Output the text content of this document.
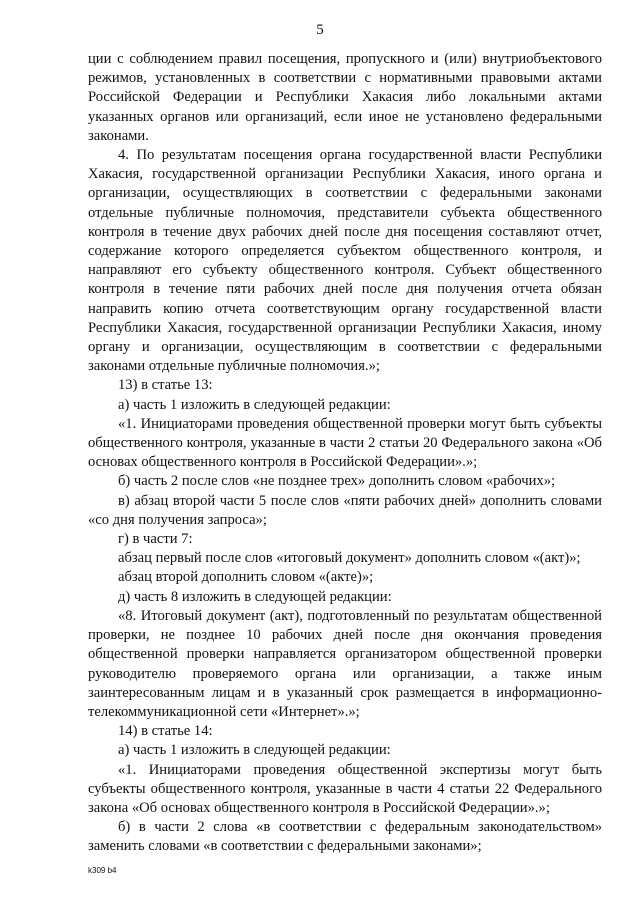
5

ции с соблюдением правил посещения, пропускного и (или) внутриобъектового режимов, установленных в соответствии с нормативными правовыми актами Российской Федерации и Республики Хакасия либо локальными актами указанных органов или организаций, если иное не установлено федеральными законами.

4. По результатам посещения органа государственной власти Республики Хакасия, государственной организации Республики Хакасия, иного органа и организации, осуществляющих в соответствии с федеральными законами отдельные публичные полномочия, представители субъекта общественного контроля в течение двух рабочих дней после дня посещения составляют отчет, содержание которого определяется субъектом общественного контроля, и направляют его субъекту общественного контроля. Субъект общественного контроля в течение пяти рабочих дней после дня получения отчета обязан направить копию отчета соответствующим органу государственной власти Республики Хакасия, государственной организации Республики Хакасия, иному органу и организации, осуществляющим в соответствии с федеральными законами отдельные публичные полномочия.»;

13) в статье 13:

а) часть 1 изложить в следующей редакции:

«1. Инициаторами проведения общественной проверки могут быть субъекты общественного контроля, указанные в части 2 статьи 20 Федерального закона «Об основах общественного контроля в Российской Федерации».»;

б) часть 2 после слов «не позднее трех» дополнить словом «рабочих»;

в) абзац второй части 5 после слов «пяти рабочих дней» дополнить словами «со дня получения запроса»;

г) в части 7:

абзац первый после слов «итоговый документ» дополнить словом «(акт)»;

абзац второй дополнить словом «(акте)»;

д) часть 8 изложить в следующей редакции:

«8. Итоговый документ (акт), подготовленный по результатам общественной проверки, не позднее 10 рабочих дней после дня окончания проведения общественной проверки направляется организатором общественной проверки руководителю проверяемого органа или организации, а также иным заинтересованным лицам и в указанный срок размещается в информационно-телекоммуникационной сети «Интернет».»;

14) в статье 14:

а) часть 1 изложить в следующей редакции:

«1. Инициаторами проведения общественной экспертизы могут быть субъекты общественного контроля, указанные в части 4 статьи 22 Федерального закона «Об основах общественного контроля в Российской Федерации».»;

б) в части 2 слова «в соответствии с федеральным законодательством» заменить словами «в соответствии с федеральными законами»;

k309 b4
